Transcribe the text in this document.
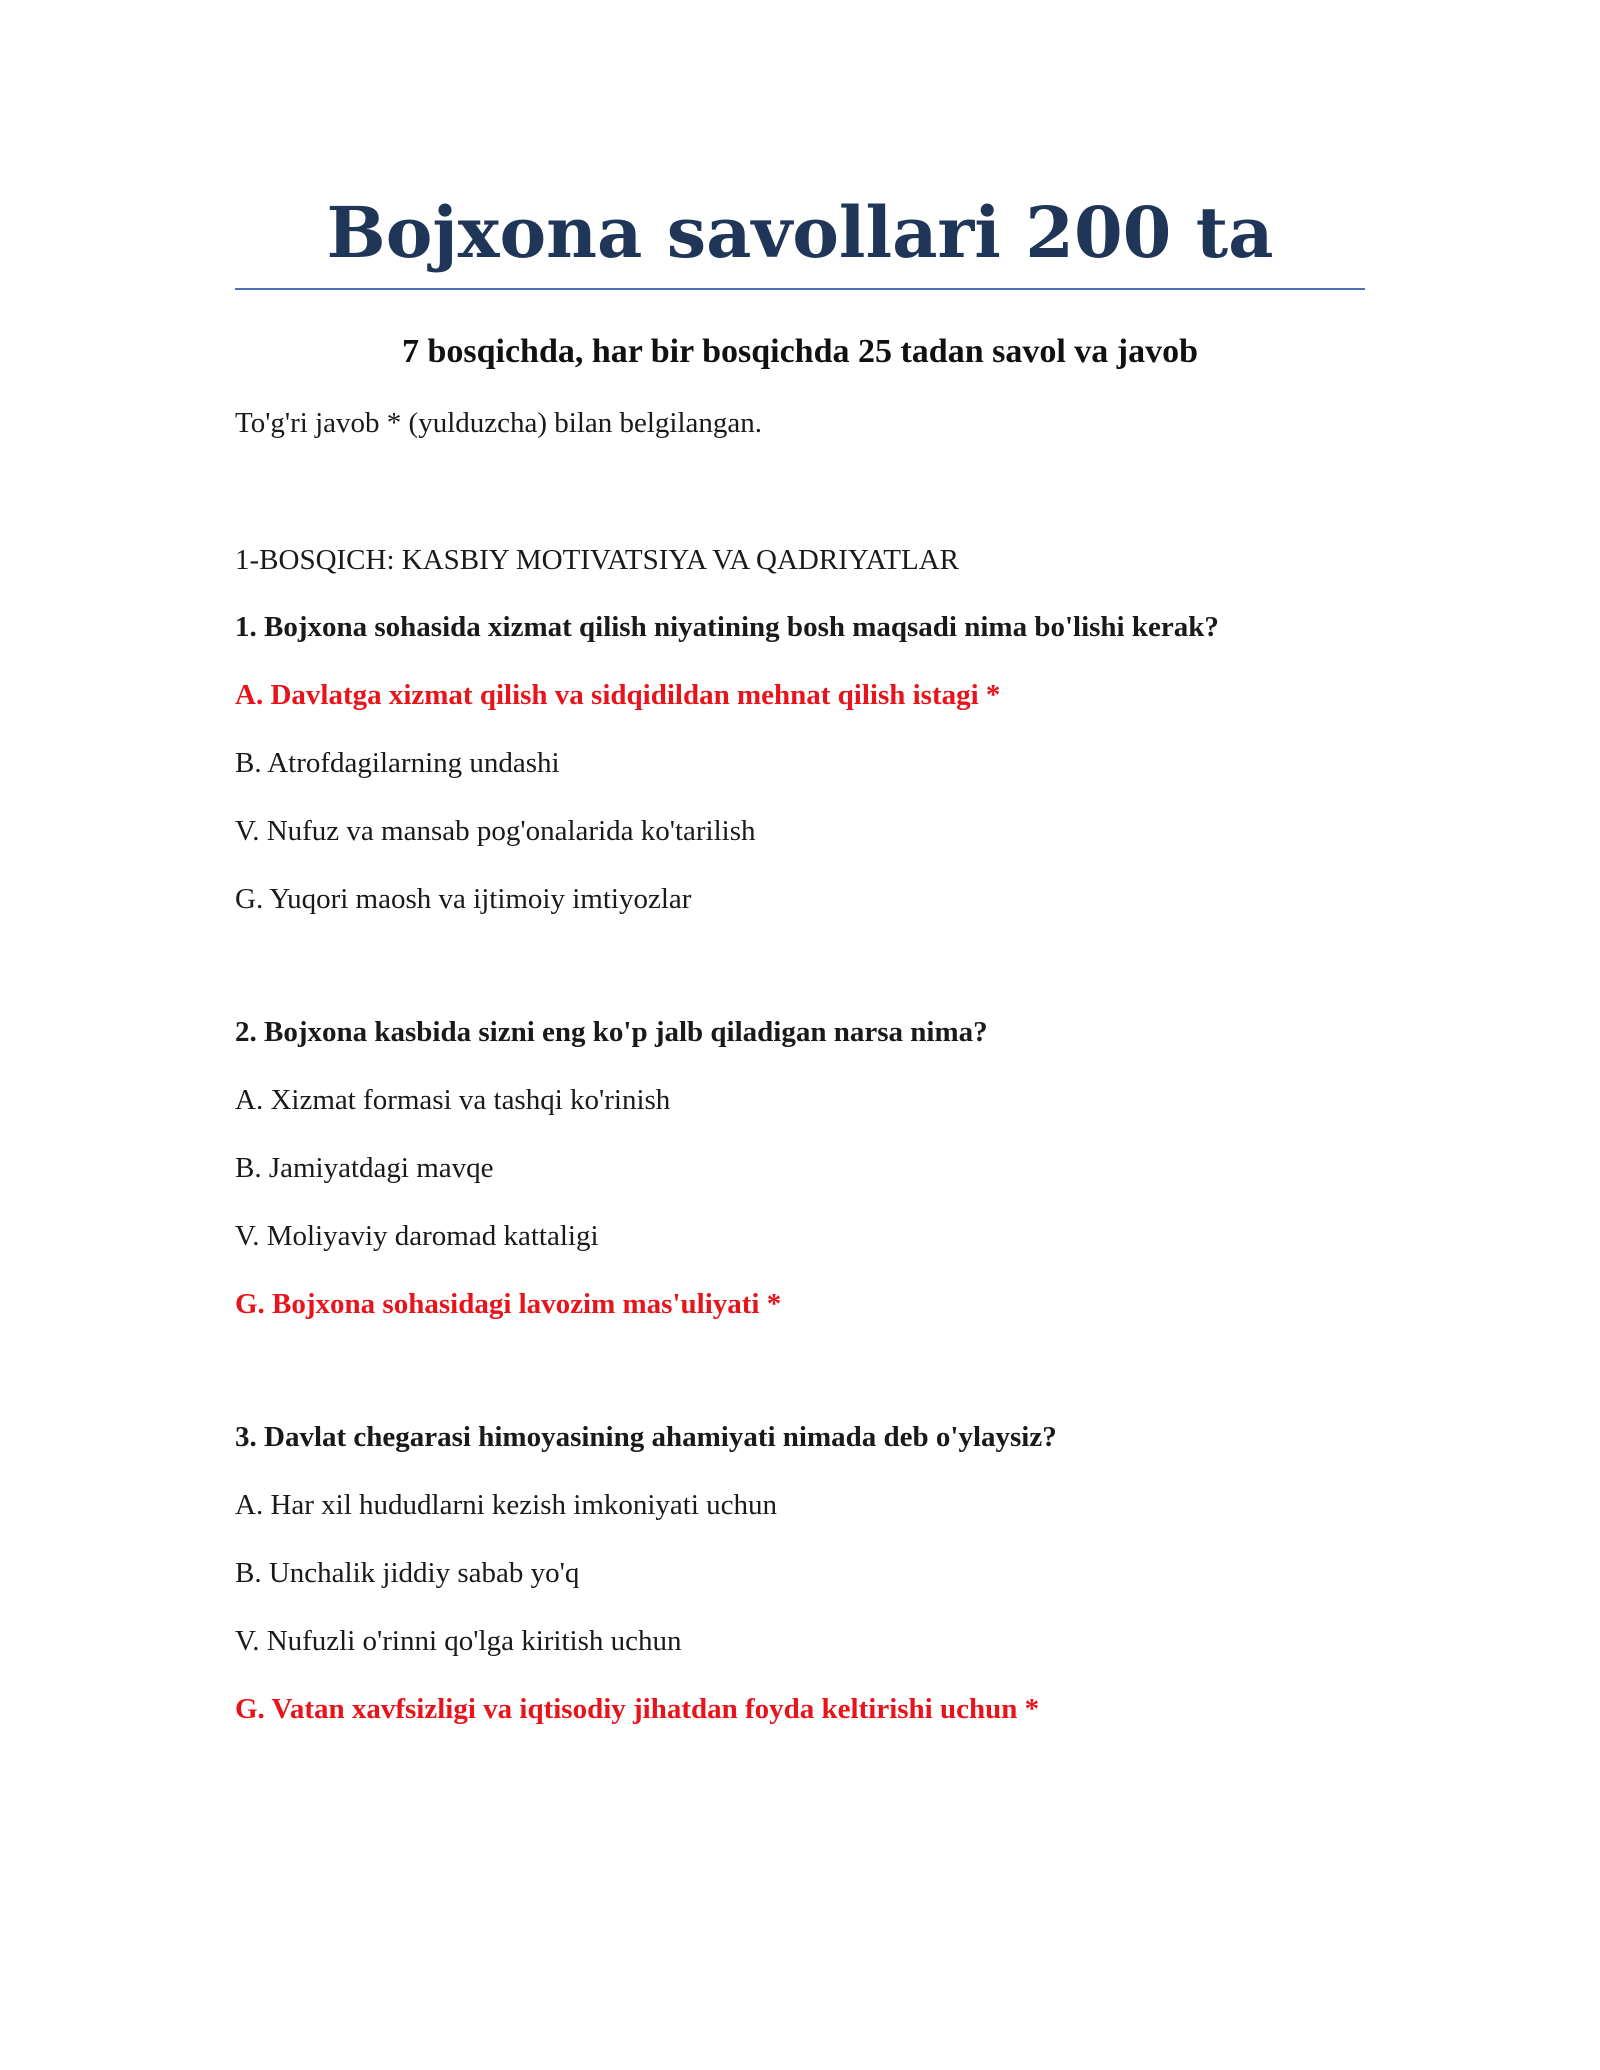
Bojxona savollari 200 ta
7 bosqichda, har bir bosqichda 25 tadan savol va javob

To'g'ri javob * (yulduzcha) bilan belgilangan.

1-BOSQICH: KASBIY MOTIVATSIYA VA QADRIYATLAR

1. Bojxona sohasida xizmat qilish niyatining bosh maqsadi nima bo'lishi kerak?

A. Davlatga xizmat qilish va sidqidildan mehnat qilish istagi *

B. Atrofdagilarning undashi

V. Nufuz va mansab pog'onalarida ko'tarilish

G. Yuqori maosh va ijtimoiy imtiyozlar

2. Bojxona kasbida sizni eng ko'p jalb qiladigan narsa nima?

A. Xizmat formasi va tashqi ko'rinish

B. Jamiyatdagi mavqe

V. Moliyaviy daromad kattaligi

G. Bojxona sohasidagi lavozim mas'uliyati *

3. Davlat chegarasi himoyasining ahamiyati nimada deb o'ylaysiz?

A. Har xil hududlarni kezish imkoniyati uchun

B. Unchalik jiddiy sabab yo'q

V. Nufuzli o'rinni qo'lga kiritish uchun

G. Vatan xavfsizligi va iqtisodiy jihatdan foyda keltirishi uchun *
